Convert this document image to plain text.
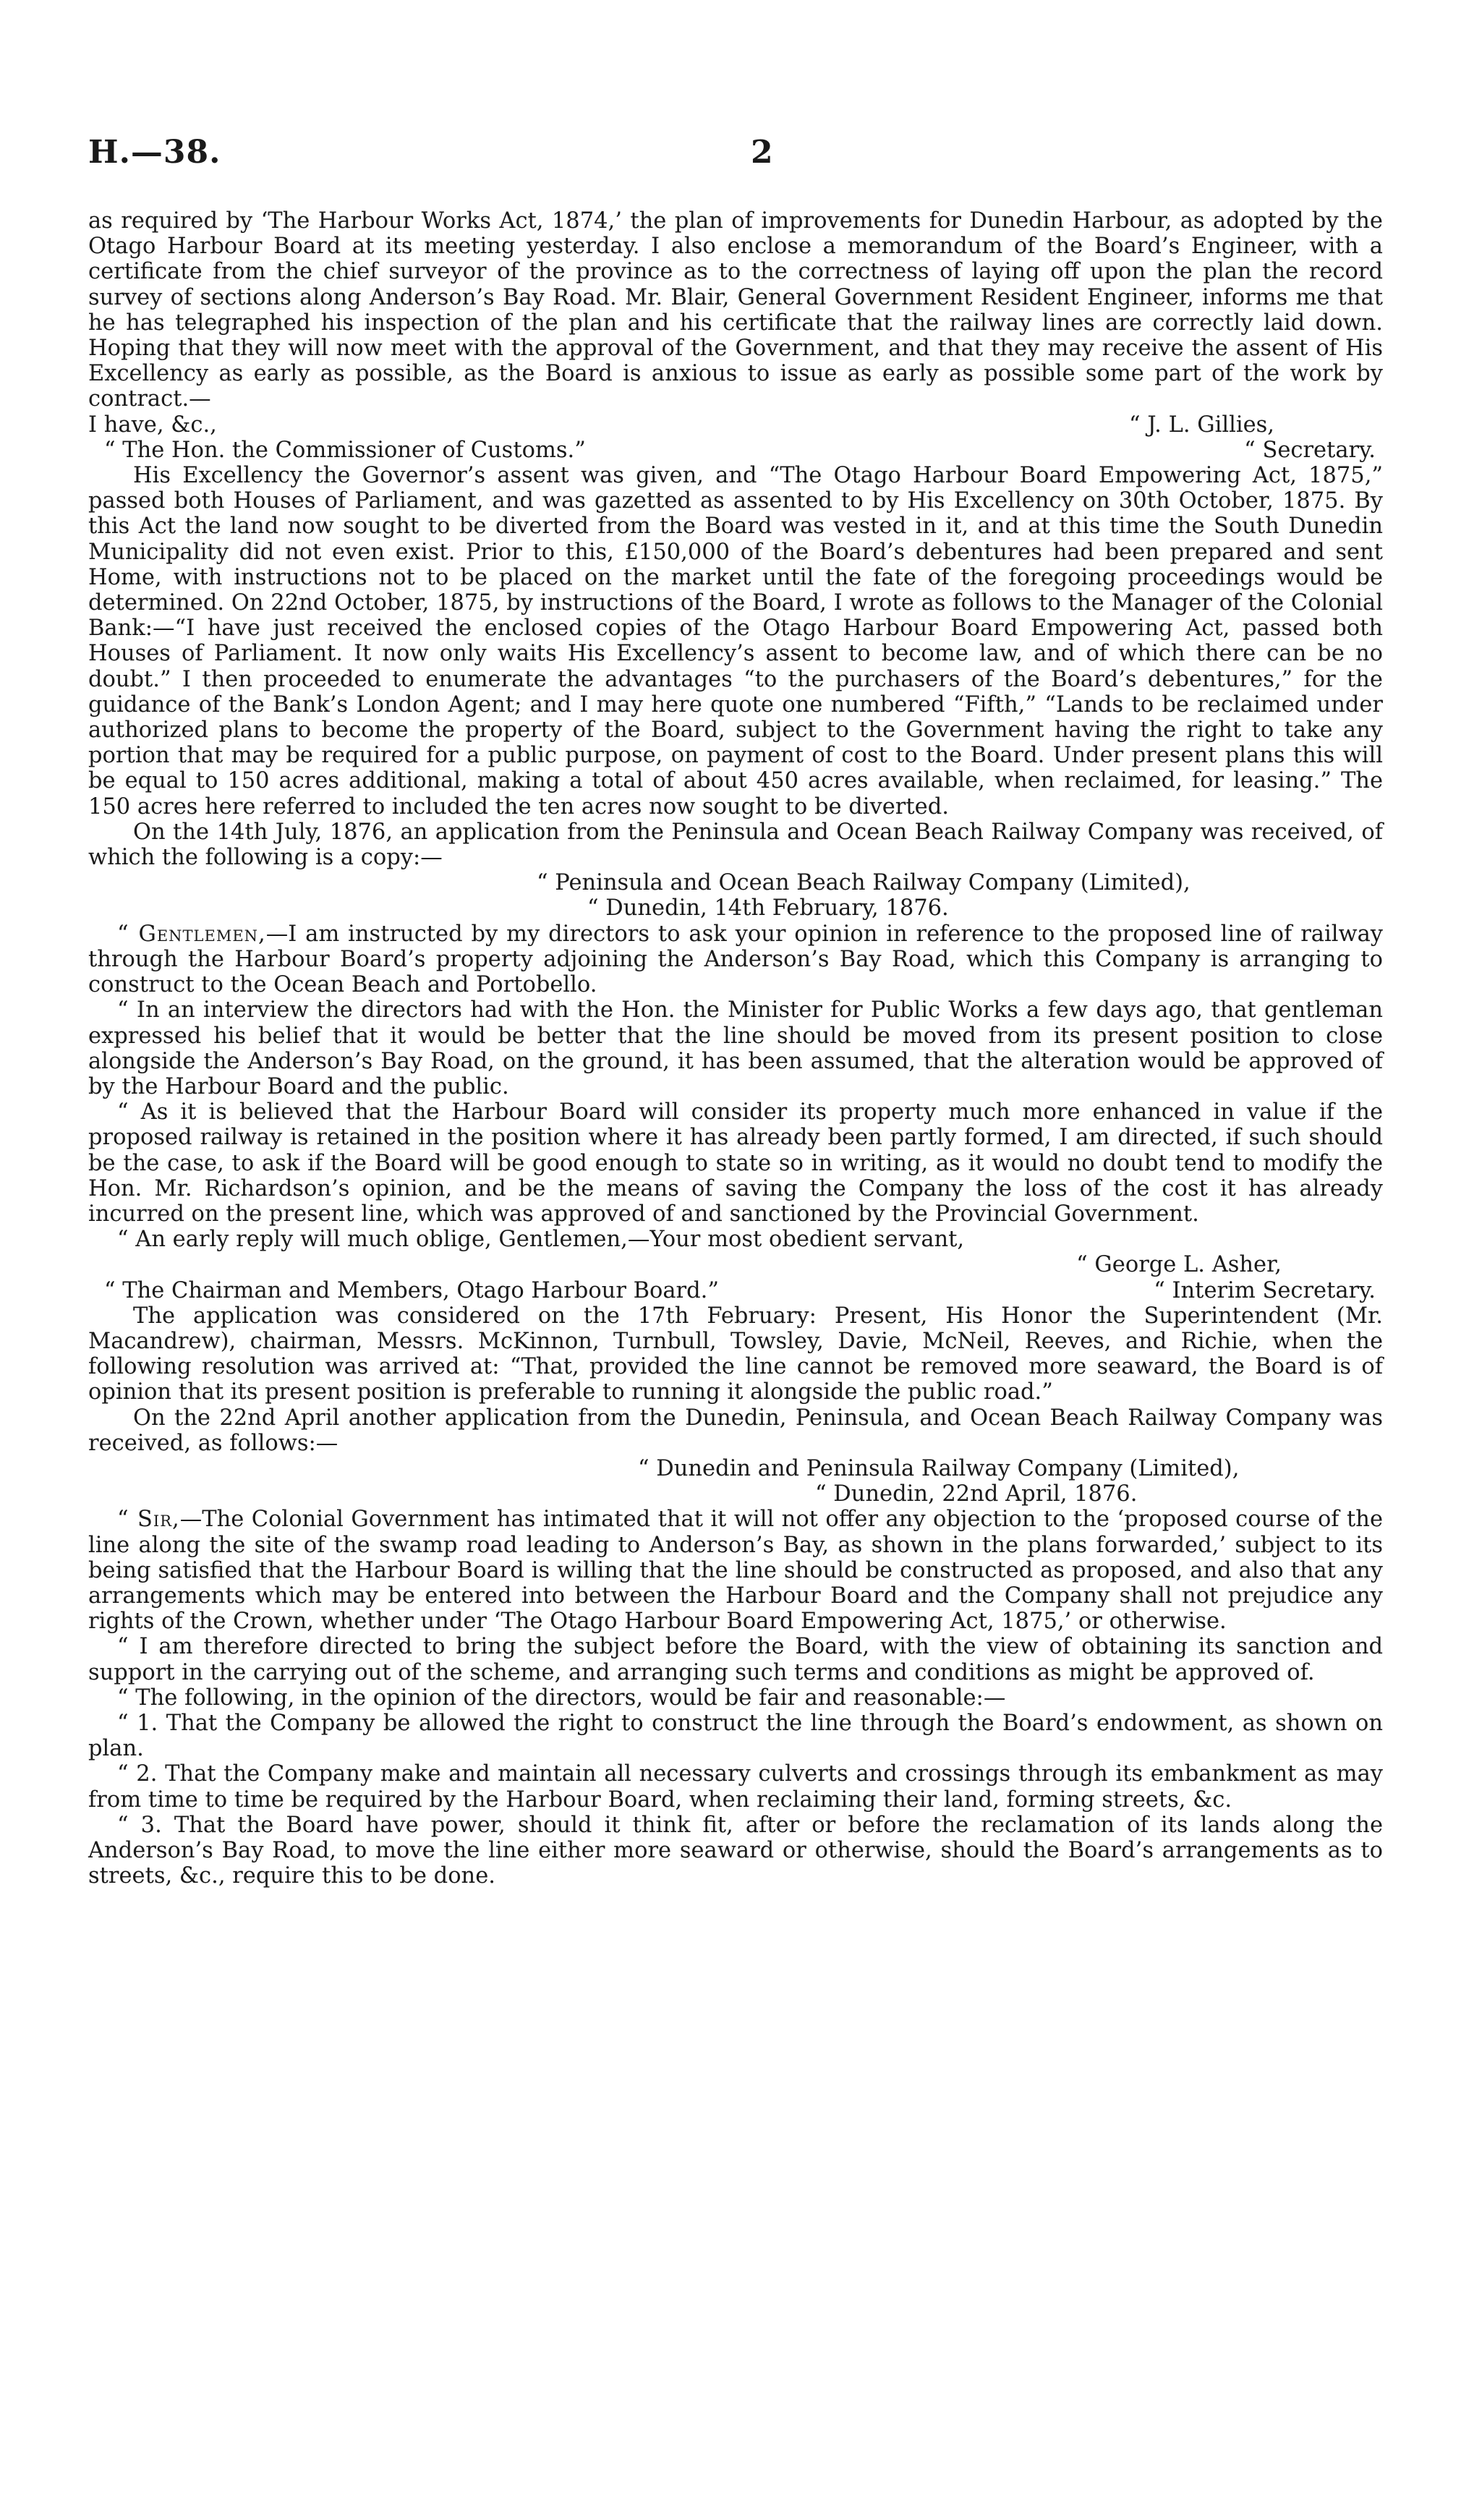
H.—38.	2

as required by ‘The Harbour Works Act, 1874,’ the plan of improvements for Dunedin Harbour, as adopted by the Otago Harbour Board at its meeting yesterday. I also enclose a memorandum of the Board’s Engineer, with a certificate from the chief surveyor of the province as to the correctness of laying off upon the plan the record survey of sections along Anderson’s Bay Road. Mr. Blair, General Government Resident Engineer, informs me that he has telegraphed his inspection of the plan and his certificate that the railway lines are correctly laid down. Hoping that they will now meet with the approval of the Government, and that they may receive the assent of His Excellency as early as possible, as the Board is anxious to issue as early as possible some part of the work by contract.—

I have, &c.,	“ J. L. Gillies,
“ The Hon. the Commissioner of Customs.”	“ Secretary.

His Excellency the Governor’s assent was given, and “The Otago Harbour Board Empowering Act, 1875,” passed both Houses of Parliament, and was gazetted as assented to by His Excellency on 30th October, 1875. By this Act the land now sought to be diverted from the Board was vested in it, and at this time the South Dunedin Municipality did not even exist. Prior to this, £150,000 of the Board’s debentures had been prepared and sent Home, with instructions not to be placed on the market until the fate of the foregoing proceedings would be determined. On 22nd October, 1875, by instructions of the Board, I wrote as follows to the Manager of the Colonial Bank:—“I have just received the enclosed copies of the Otago Harbour Board Empowering Act, passed both Houses of Parliament. It now only waits His Excellency’s assent to become law, and of which there can be no doubt.” I then proceeded to enumerate the advantages “to the purchasers of the Board’s debentures,” for the guidance of the Bank’s London Agent; and I may here quote one numbered “Fifth,” “Lands to be reclaimed under authorized plans to become the property of the Board, subject to the Government having the right to take any portion that may be required for a public purpose, on payment of cost to the Board. Under present plans this will be equal to 150 acres additional, making a total of about 450 acres available, when reclaimed, for leasing.” The 150 acres here referred to included the ten acres now sought to be diverted.

On the 14th July, 1876, an application from the Peninsula and Ocean Beach Railway Company was received, of which the following is a copy:—

“ Peninsula and Ocean Beach Railway Company (Limited),
“ Dunedin, 14th February, 1876.

“ Gentlemen,—I am instructed by my directors to ask your opinion in reference to the proposed line of railway through the Harbour Board’s property adjoining the Anderson’s Bay Road, which this Company is arranging to construct to the Ocean Beach and Portobello.

“ In an interview the directors had with the Hon. the Minister for Public Works a few days ago, that gentleman expressed his belief that it would be better that the line should be moved from its present position to close alongside the Anderson’s Bay Road, on the ground, it has been assumed, that the alteration would be approved of by the Harbour Board and the public.

“ As it is believed that the Harbour Board will consider its property much more enhanced in value if the proposed railway is retained in the position where it has already been partly formed, I am directed, if such should be the case, to ask if the Board will be good enough to state so in writing, as it would no doubt tend to modify the Hon. Mr. Richardson’s opinion, and be the means of saving the Company the loss of the cost it has already incurred on the present line, which was approved of and sanctioned by the Provincial Government.

“ An early reply will much oblige, Gentlemen,—Your most obedient servant,

“ George L. Asher,
“ The Chairman and Members, Otago Harbour Board.”	“ Interim Secretary.

The application was considered on the 17th February: Present, His Honor the Superintendent (Mr. Macandrew), chairman, Messrs. McKinnon, Turnbull, Towsley, Davie, McNeil, Reeves, and Richie, when the following resolution was arrived at: “That, provided the line cannot be removed more seaward, the Board is of opinion that its present position is preferable to running it alongside the public road.”

On the 22nd April another application from the Dunedin, Peninsula, and Ocean Beach Railway Company was received, as follows:—

“ Dunedin and Peninsula Railway Company (Limited),
“ Dunedin, 22nd April, 1876.

“ Sir,—The Colonial Government has intimated that it will not offer any objection to the ‘proposed course of the line along the site of the swamp road leading to Anderson’s Bay, as shown in the plans forwarded,’ subject to its being satisfied that the Harbour Board is willing that the line should be constructed as proposed, and also that any arrangements which may be entered into between the Harbour Board and the Company shall not prejudice any rights of the Crown, whether under ‘The Otago Harbour Board Empowering Act, 1875,’ or otherwise.

“ I am therefore directed to bring the subject before the Board, with the view of obtaining its sanction and support in the carrying out of the scheme, and arranging such terms and conditions as might be approved of.

“ The following, in the opinion of the directors, would be fair and reasonable:—

“ 1. That the Company be allowed the right to construct the line through the Board’s endowment, as shown on plan.

“ 2. That the Company make and maintain all necessary culverts and crossings through its embankment as may from time to time be required by the Harbour Board, when reclaiming their land, forming streets, &c.

“ 3. That the Board have power, should it think fit, after or before the reclamation of its lands along the Anderson’s Bay Road, to move the line either more seaward or otherwise, should the Board’s arrangements as to streets, &c., require this to be done.
